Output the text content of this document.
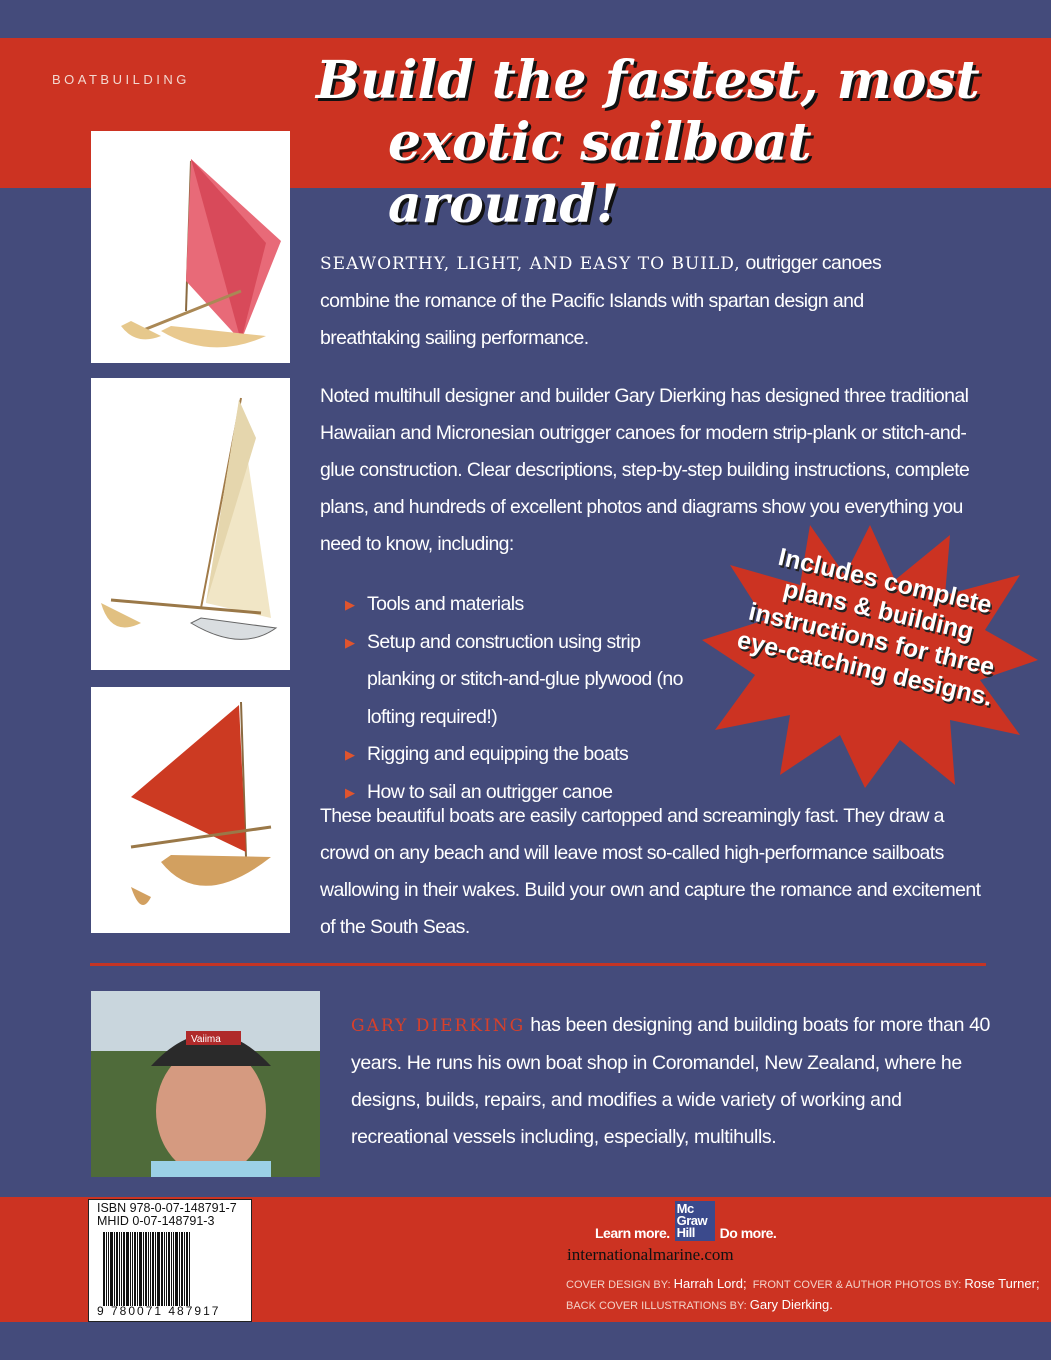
BOATBUILDING Build the fastest, most
exotic sailboat around!
SEAWORTHY, LIGHT, AND EASY TO BUILD, outrigger canoes combine the romance of the Pacific Islands with spartan design and breathtaking sailing performance.
Noted multihull designer and builder Gary Dierking has designed three traditional Hawaiian and Micronesian outrigger canoes for modern strip-plank or stitch-and-glue construction. Clear descriptions, step-by-step building instructions, complete plans, and hundreds of excellent photos and diagrams show you everything you need to know, including:
▶ Tools and materials
▶ Setup and construction using strip planking or stitch-and-glue plywood (no lofting required!)
▶ Rigging and equipping the boats
▶ How to sail an outrigger canoe
These beautiful boats are easily cartopped and screamingly fast. They draw a crowd on any beach and will leave most so-called high-performance sailboats wallowing in their wakes. Build your own and capture the romance and excitement of the South Seas.
Includes complete plans & building instructions for three eye-catching designs.
Vaiima
GARY DIERKING has been designing and building boats for more than 40 years. He runs his own boat shop in Coromandel, New Zealand, where he designs, builds, repairs, and modifies a wide variety of working and recreational vessels including, especially, multihulls.
ISBN 978-0-07-148791-7
MHID 0-07-148791-3
9 780071 487917
Learn more.
Mc Graw Hill	Do more.
internationalmarine.com
COVER DESIGN BY: Harrah Lord; FRONT COVER & AUTHOR PHOTOS BY: Rose Turner;
BACK COVER ILLUSTRATIONS BY: Gary Dierking.
